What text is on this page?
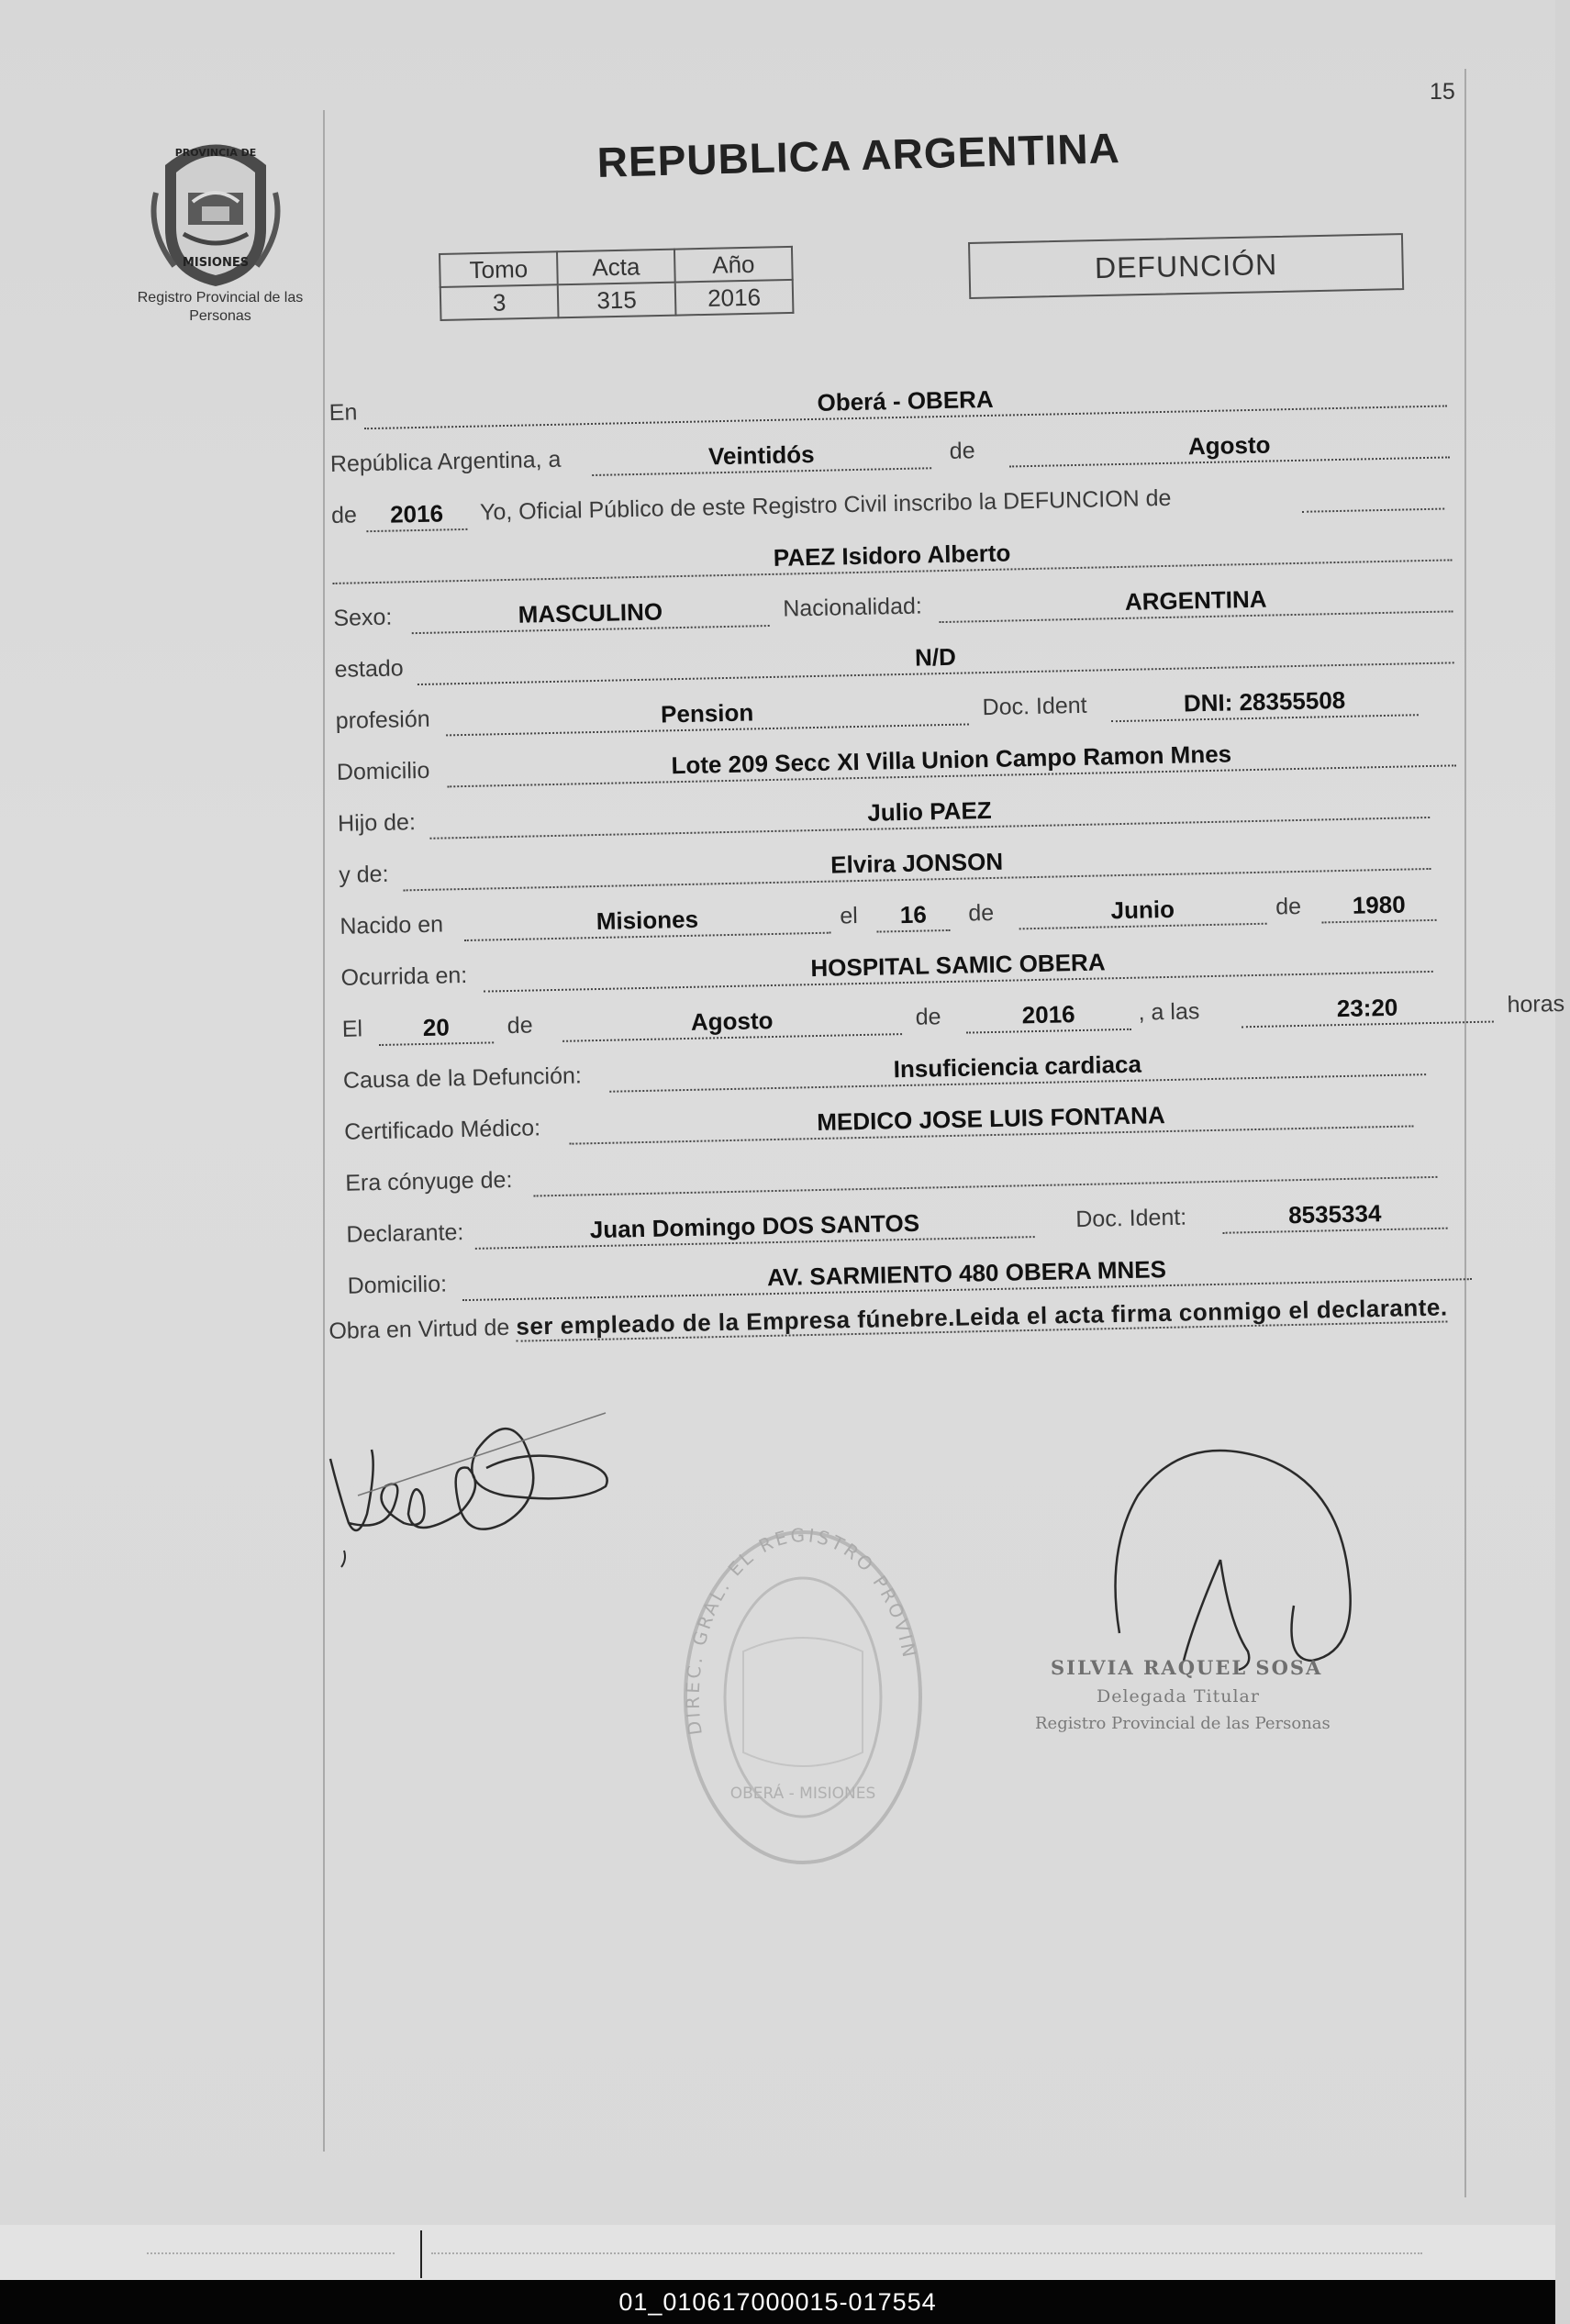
15
PROVINCIA DE
MISIONES
Registro Provincial de las Personas
REPUBLICA ARGENTINA
Tomo	Acta	Año
3	315	2016
DEFUNCIÓN
En	Oberá - OBERA
República Argentina, a	Veintidós	de	Agosto
de	2016	Yo, Oficial Público de este Registro Civil inscribo la DEFUNCION de
PAEZ Isidoro Alberto
Sexo:	MASCULINO	Nacionalidad:	ARGENTINA
estado	N/D
profesión	Pension	Doc. Ident	DNI: 28355508
Domicilio	Lote 209 Secc XI Villa Union Campo Ramon Mnes
Hijo de:	Julio PAEZ
y de:	Elvira JONSON
Nacido en	Misiones	el	16	de	Junio	de	1980
Ocurrida en:	HOSPITAL SAMIC OBERA
El	20	de	Agosto	de	2016	, a las	23:20	horas
Causa de la Defunción:	Insuficiencia cardiaca
Certificado Médico:	MEDICO JOSE LUIS FONTANA
Era cónyuge de:
Declarante:	Juan Domingo DOS SANTOS	Doc. Ident:	8535334
Domicilio:	AV. SARMIENTO 480 OBERA MNES
Obra en Virtud de ser empleado de la Empresa fúnebre.Leida el acta firma conmigo el declarante.
DIREC. GRAL. EL REGISTRO PROVIN
OBERÁ - MISIONES
SILVIA RAQUEL SOSA
Delegada Titular
Registro Provincial de las Personas
01_010617000015-017554
